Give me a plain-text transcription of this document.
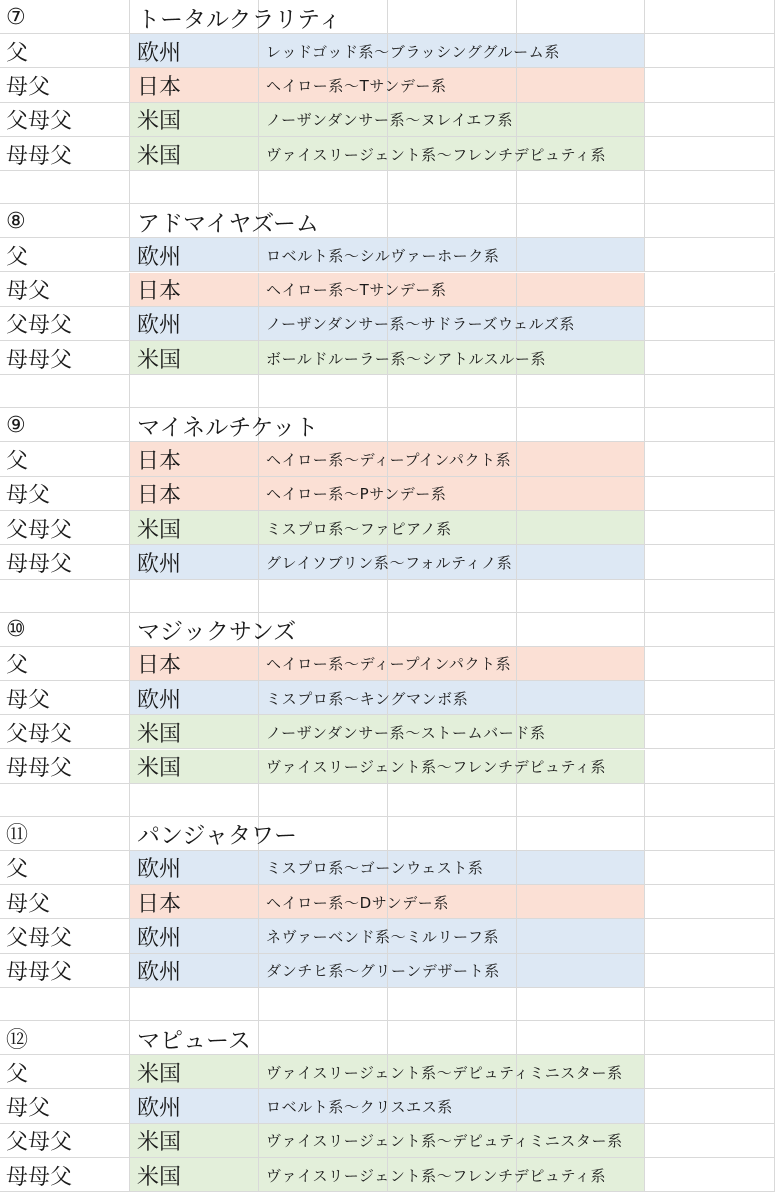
⑦	トータルクラリティ
父	欧州	レッドゴッド系〜ブラッシンググルーム系
母父	日本	ヘイロー系〜Tサンデー系
父母父	米国	ノーザンダンサー系〜ヌレイエフ系
母母父	米国	ヴァイスリージェント系〜フレンチデピュティ系
⑧	アドマイヤズーム
父	欧州	ロベルト系〜シルヴァーホーク系
母父	日本	ヘイロー系〜Tサンデー系
父母父	欧州	ノーザンダンサー系〜サドラーズウェルズ系
母母父	米国	ボールドルーラー系〜シアトルスルー系
⑨	マイネルチケット
父	日本	ヘイロー系〜ディープインパクト系
母父	日本	ヘイロー系〜Pサンデー系
父母父	米国	ミスプロ系〜ファピアノ系
母母父	欧州	グレイソブリン系〜フォルティノ系
⑩	マジックサンズ
父	日本	ヘイロー系〜ディープインパクト系
母父	欧州	ミスプロ系〜キングマンボ系
父母父	米国	ノーザンダンサー系〜ストームバード系
母母父	米国	ヴァイスリージェント系〜フレンチデピュティ系
⑪	パンジャタワー
父	欧州	ミスプロ系〜ゴーンウェスト系
母父	日本	ヘイロー系〜Dサンデー系
父母父	欧州	ネヴァーベンド系〜ミルリーフ系
母母父	欧州	ダンチヒ系〜グリーンデザート系
⑫	マピュース
父	米国	ヴァイスリージェント系〜デピュティミニスター系
母父	欧州	ロベルト系〜クリスエス系
父母父	米国	ヴァイスリージェント系〜デピュティミニスター系
母母父	米国	ヴァイスリージェント系〜フレンチデピュティ系
